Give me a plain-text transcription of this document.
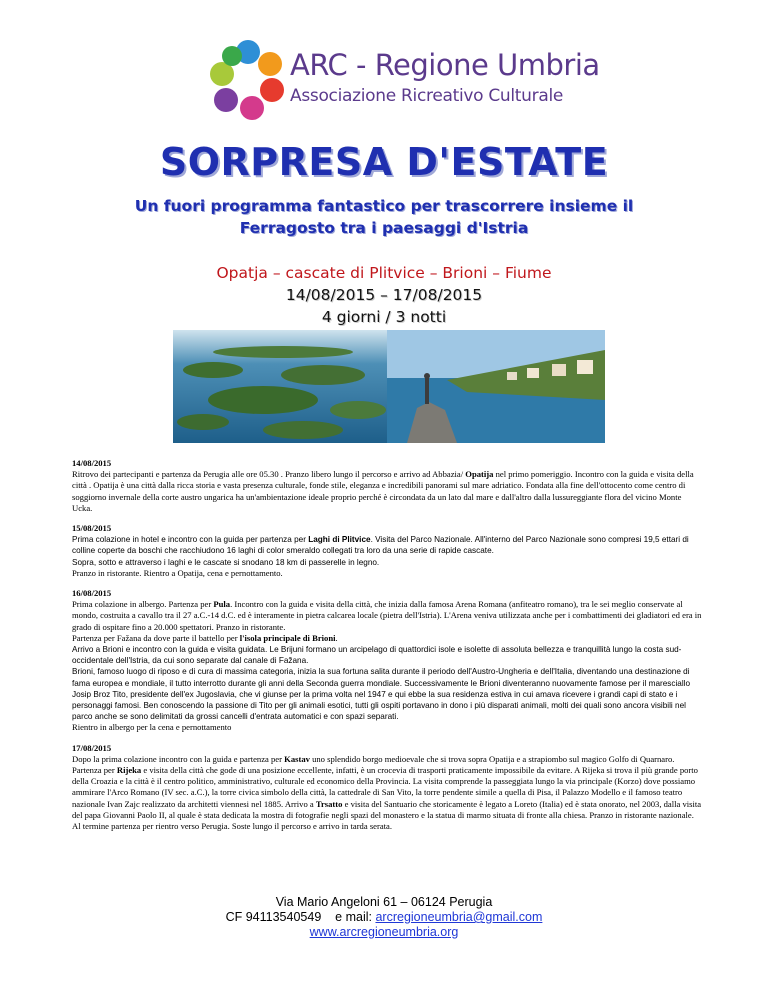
ARC - Regione Umbria
Associazione Ricreativo Culturale
SORPRESA D'ESTATE
Un fuori programma fantastico per trascorrere insieme il
Ferragosto tra i paesaggi d'Istria
Opatja – cascate di Plitvice – Brioni – Fiume
14/08/2015 – 17/08/2015
4 giorni / 3 notti
14/08/2015

Ritrovo dei partecipanti e partenza da Perugia alle ore 05.30 . Pranzo libero lungo il percorso e arrivo ad Abbazia/ Opatija nel primo pomeriggio. Incontro con la guida e visita della città . Opatija è una città dalla ricca storia e vasta presenza culturale, fonde stile, eleganza e incredibili panorami sul mare adriatico. Fondata alla fine dell'ottocento come centro di soggiorno invernale della corte austro ungarica ha un'ambientazione ideale proprio perché è circondata da un lato dal mare e dall'altro dalla lussureggiante flora del vicino Monte Ucka.

15/08/2015

Prima colazione in hotel e incontro con la guida per partenza per Laghi di Plitvice. Visita del Parco Nazionale. All'interno del Parco Nazionale sono compresi 19,5 ettari di colline coperte da boschi che racchiudono 16 laghi di color smeraldo collegati tra loro da una serie di rapide cascate.

Sopra, sotto e attraverso i laghi e le cascate si snodano 18 km di passerelle in legno.

Pranzo in ristorante. Rientro a Opatija, cena e pernottamento.

16/08/2015

Prima colazione in albergo. Partenza per Pula. Incontro con la guida e visita della città, che inizia dalla famosa Arena Romana (anfiteatro romano), tra le sei meglio conservate al mondo, costruita a cavallo tra il 27 a.C.-14 d.C. ed è interamente in pietra calcarea locale (pietra dell'Istria). L'Arena veniva utilizzata anche per i combattimenti dei gladiatori ed era in grado di ospitare fino a 20.000 spettatori. Pranzo in ristorante.

Partenza per Fažana da dove parte il battello per l'isola principale di Brioni.

Arrivo a Brioni e incontro con la guida e visita guidata. Le Brijuni formano un arcipelago di quattordici isole e isolette di assoluta bellezza e tranquillità lungo la costa sud-occidentale dell'Istria, da cui sono separate dal canale di Fažana.

Brioni, famoso luogo di riposo e di cura di massima categoria, inizia la sua fortuna salita durante il periodo dell'Austro-Ungheria e dell'Italia, diventando una destinazione di fama europea e mondiale, il tutto interrotto durante gli anni della Seconda guerra mondiale. Successivamente le Brioni diventeranno nuovamente famose per il maresciallo Josip Broz Tito, presidente dell'ex Jugoslavia, che vi giunse per la prima volta nel 1947 e qui ebbe la sua residenza estiva in cui amava ricevere i grandi capi di stato e i personaggi famosi. Ben conoscendo la passione di Tito per gli animali esotici, tutti gli ospiti portavano in dono i più disparati animali, molti dei quali sono ancora visibili nel parco anche se sono delimitati da grossi cancelli d'entrata automatici e con spazi separati.

Rientro in albergo per la cena e pernottamento

17/08/2015

Dopo la prima colazione incontro con la guida e partenza per Kastav uno splendido borgo medioevale che si trova sopra Opatija e a strapiombo sul magico Golfo di Quarnaro. Partenza per Rijeka e visita della città che gode di una posizione eccellente, infatti, è un crocevia di trasporti praticamente impossibile da evitare. A Rijeka si trova il più grande porto della Croazia e la città è il centro politico, amministrativo, culturale ed economico della Provincia. La visita comprende la passeggiata lungo la via principale (Korzo) dove possiamo ammirare l'Arco Romano (IV sec. a.C.), la torre civica simbolo della città, la cattedrale di San Vito, la torre pendente simile a quella di Pisa, il Palazzo Modello e il famoso teatro nazionale Ivan Zajc realizzato da architetti viennesi nel 1885. Arrivo a Trsatto e visita del Santuario che storicamente è legato a Loreto (Italia) ed è stata onorato, nel 2003, dalla visita del papa Giovanni Paolo II, al quale è stata dedicata la mostra di fotografie negli spazi del monastero e la statua di marmo situata di fronte alla chiesa. Pranzo in ristorante nazionale. Al termine partenza per rientro verso Perugia. Soste lungo il percorso e arrivo in tarda serata.

Via Mario Angeloni 61 – 06124 Perugia
CF 94113540549    e mail: arcregioneumbria@gmail.com
www.arcregioneumbria.org
